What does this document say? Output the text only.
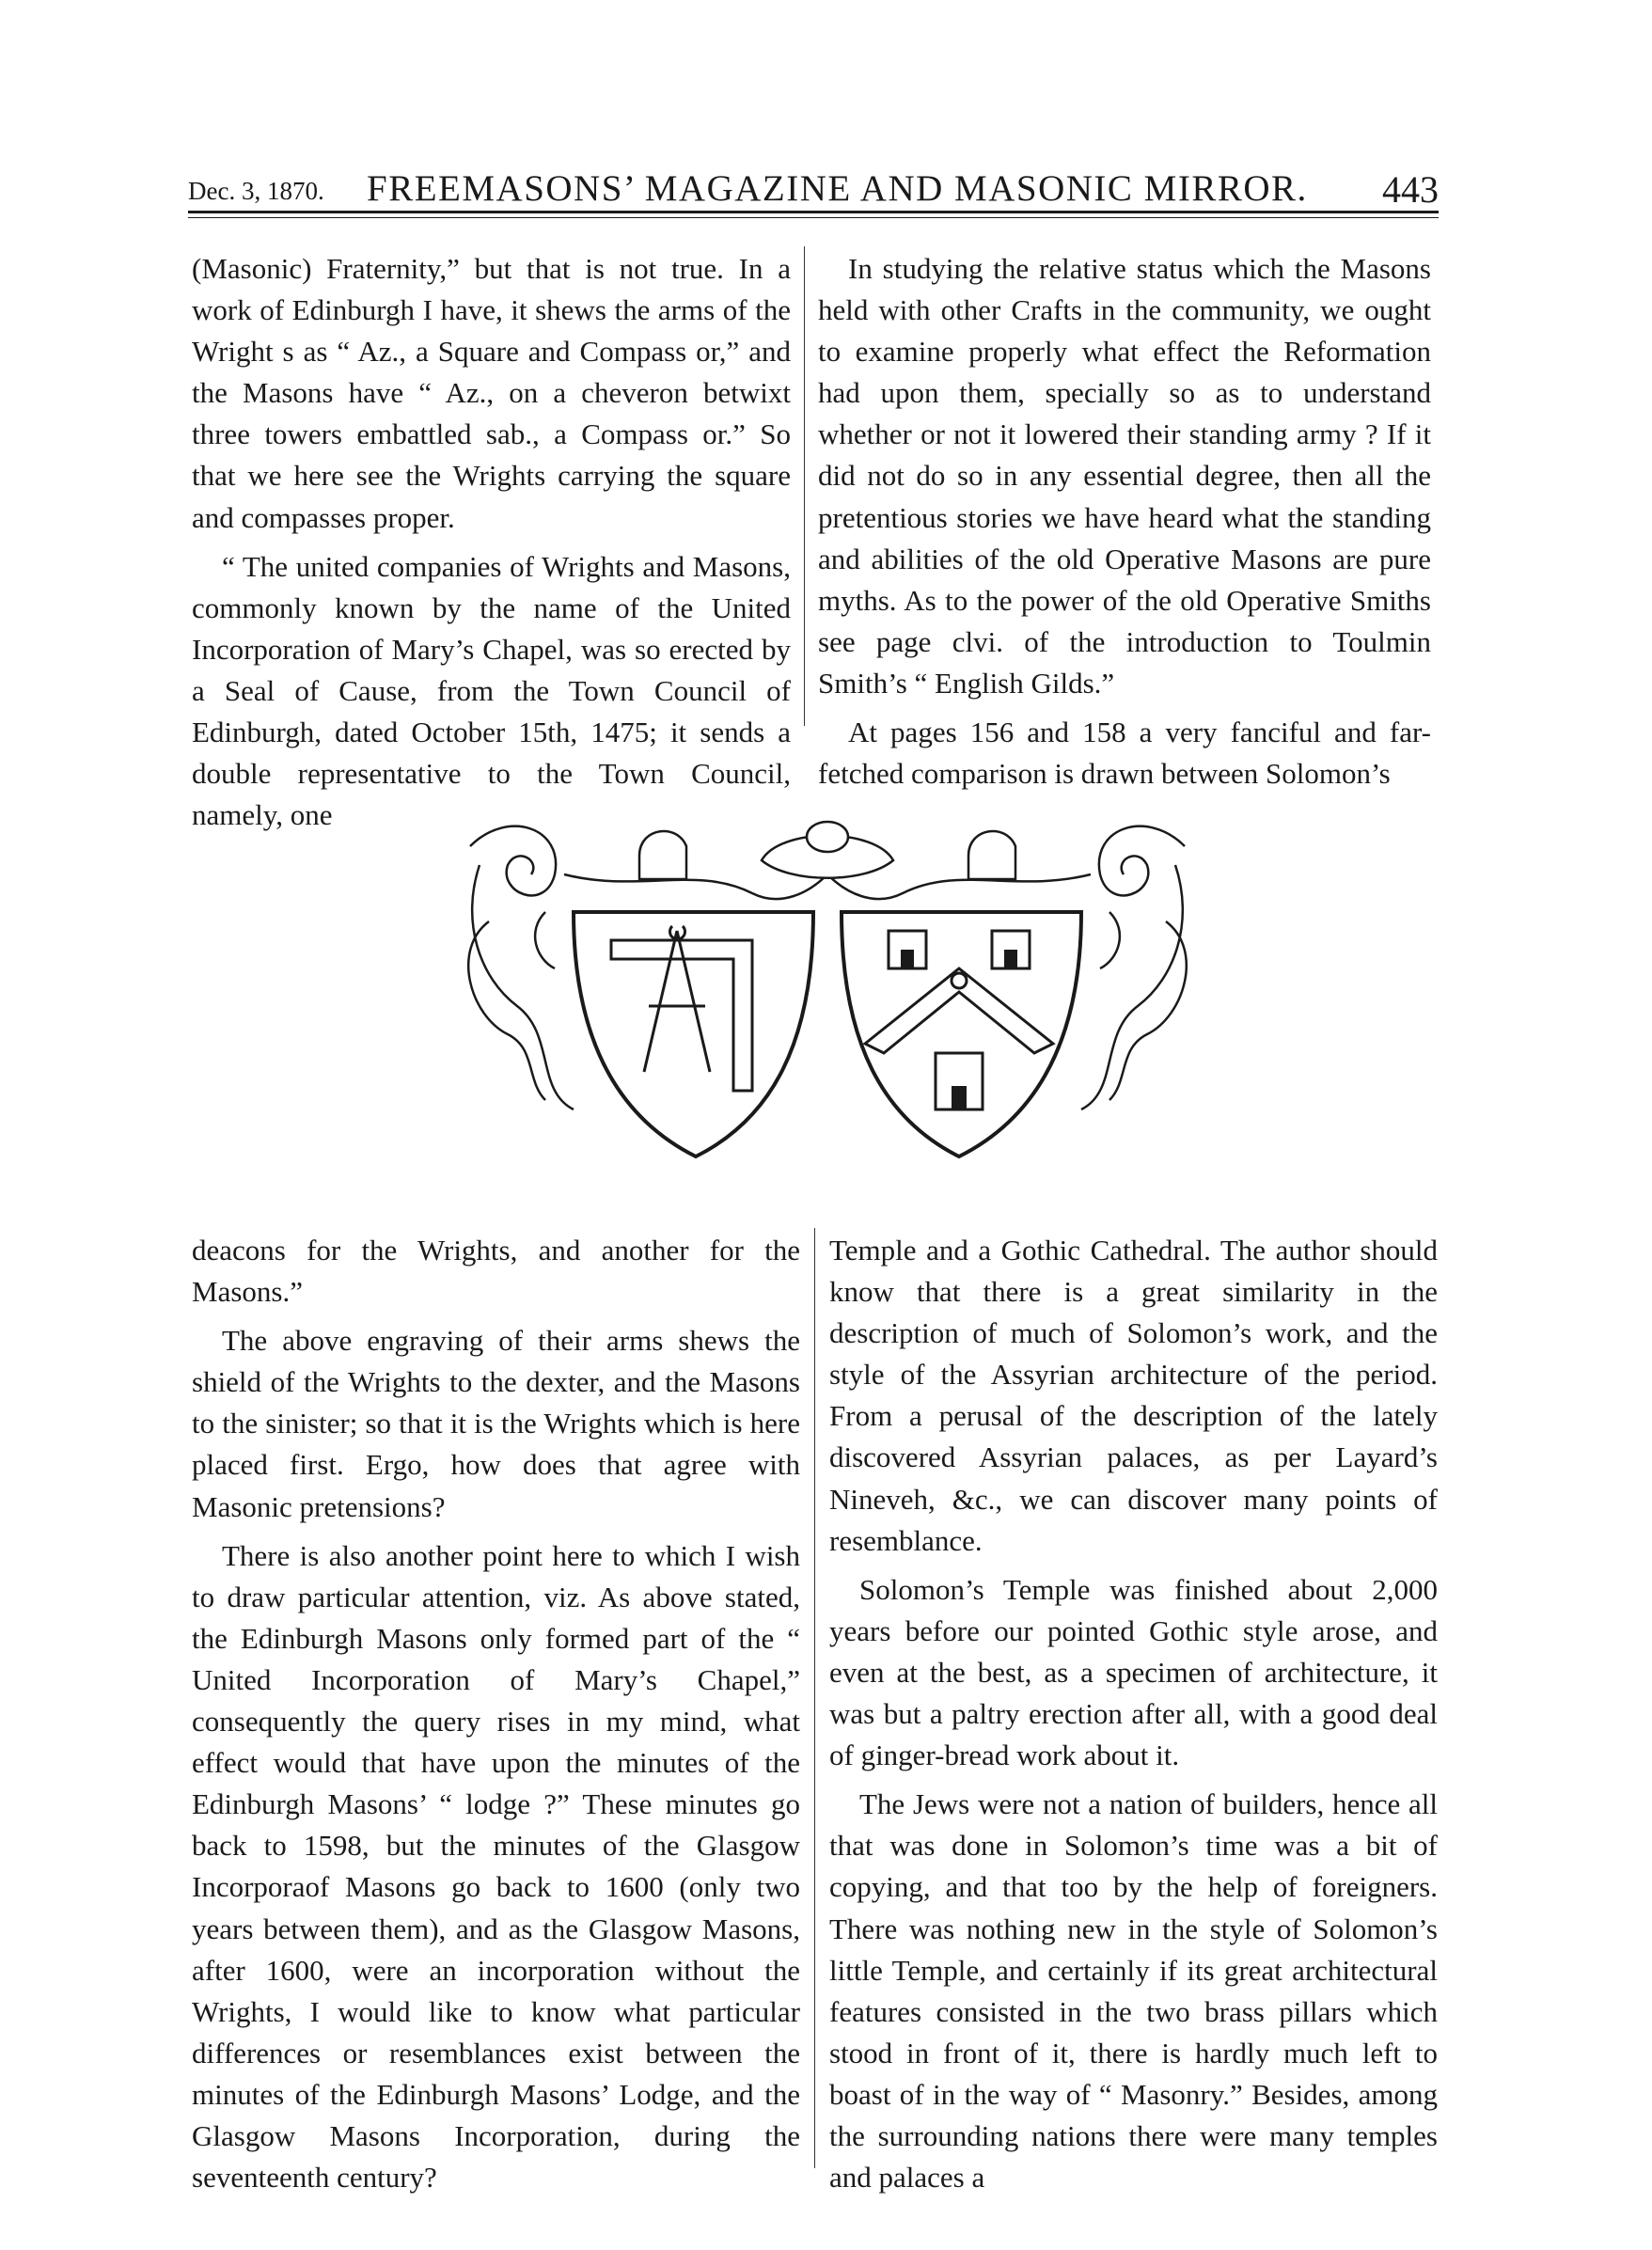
Dec. 3, 1870. FREEMASONS’ MAGAZINE AND MASONIC MIRROR. 443

(Masonic) Fraternity,” but that is not true. In a work of Edinburgh I have, it shews the arms of the Wright s as “ Az., a Square and Compass or,” and the Masons have “ Az., on a cheveron betwixt three towers embattled sab., a Compass or.” So that we here see the Wrights carrying the square and compasses proper.

“ The united companies of Wrights and Masons, commonly known by the name of the United Incorporation of Mary’s Chapel, was so erected by a Seal of Cause, from the Town Council of Edinburgh, dated October 15th, 1475; it sends a double representative to the Town Council, namely, one

In studying the relative status which the Masons held with other Crafts in the community, we ought to examine properly what effect the Reformation had upon them, specially so as to understand whether or not it lowered their standing army ? If it did not do so in any essential degree, then all the pretentious stories we have heard what the standing and abilities of the old Operative Masons are pure myths. As to the power of the old Operative Smiths see page clvi. of the introduction to Toulmin Smith’s “ English Gilds.”

At pages 156 and 158 a very fanciful and far-fetched comparison is drawn between Solomon’s

deacons for the Wrights, and another for the Masons.”

The above engraving of their arms shews the shield of the Wrights to the dexter, and the Masons to the sinister; so that it is the Wrights which is here placed first. Ergo, how does that agree with Masonic pretensions?

There is also another point here to which I wish to draw particular attention, viz. As above stated, the Edinburgh Masons only formed part of the “ United Incorporation of Mary’s Chapel,” consequently the query rises in my mind, what effect would that have upon the minutes of the Edinburgh Masons’ “ lodge ?” These minutes go back to 1598, but the minutes of the Glasgow Incorporaof Masons go back to 1600 (only two years between them), and as the Glasgow Masons, after 1600, were an incorporation without the Wrights, I would like to know what particular differences or resemblances exist between the minutes of the Edinburgh Masons’ Lodge, and the Glasgow Masons Incorporation, during the seventeenth century?

Temple and a Gothic Cathedral. The author should know that there is a great similarity in the description of much of Solomon’s work, and the style of the Assyrian architecture of the period. From a perusal of the description of the lately discovered Assyrian palaces, as per Layard’s Nineveh, &c., we can discover many points of resemblance.

Solomon’s Temple was finished about 2,000 years before our pointed Gothic style arose, and even at the best, as a specimen of architecture, it was but a paltry erection after all, with a good deal of ginger-bread work about it.

The Jews were not a nation of builders, hence all that was done in Solomon’s time was a bit of copying, and that too by the help of foreigners. There was nothing new in the style of Solomon’s little Temple, and certainly if its great architectural features consisted in the two brass pillars which stood in front of it, there is hardly much left to boast of in the way of “ Masonry.” Besides, among the surrounding nations there were many temples and palaces a
